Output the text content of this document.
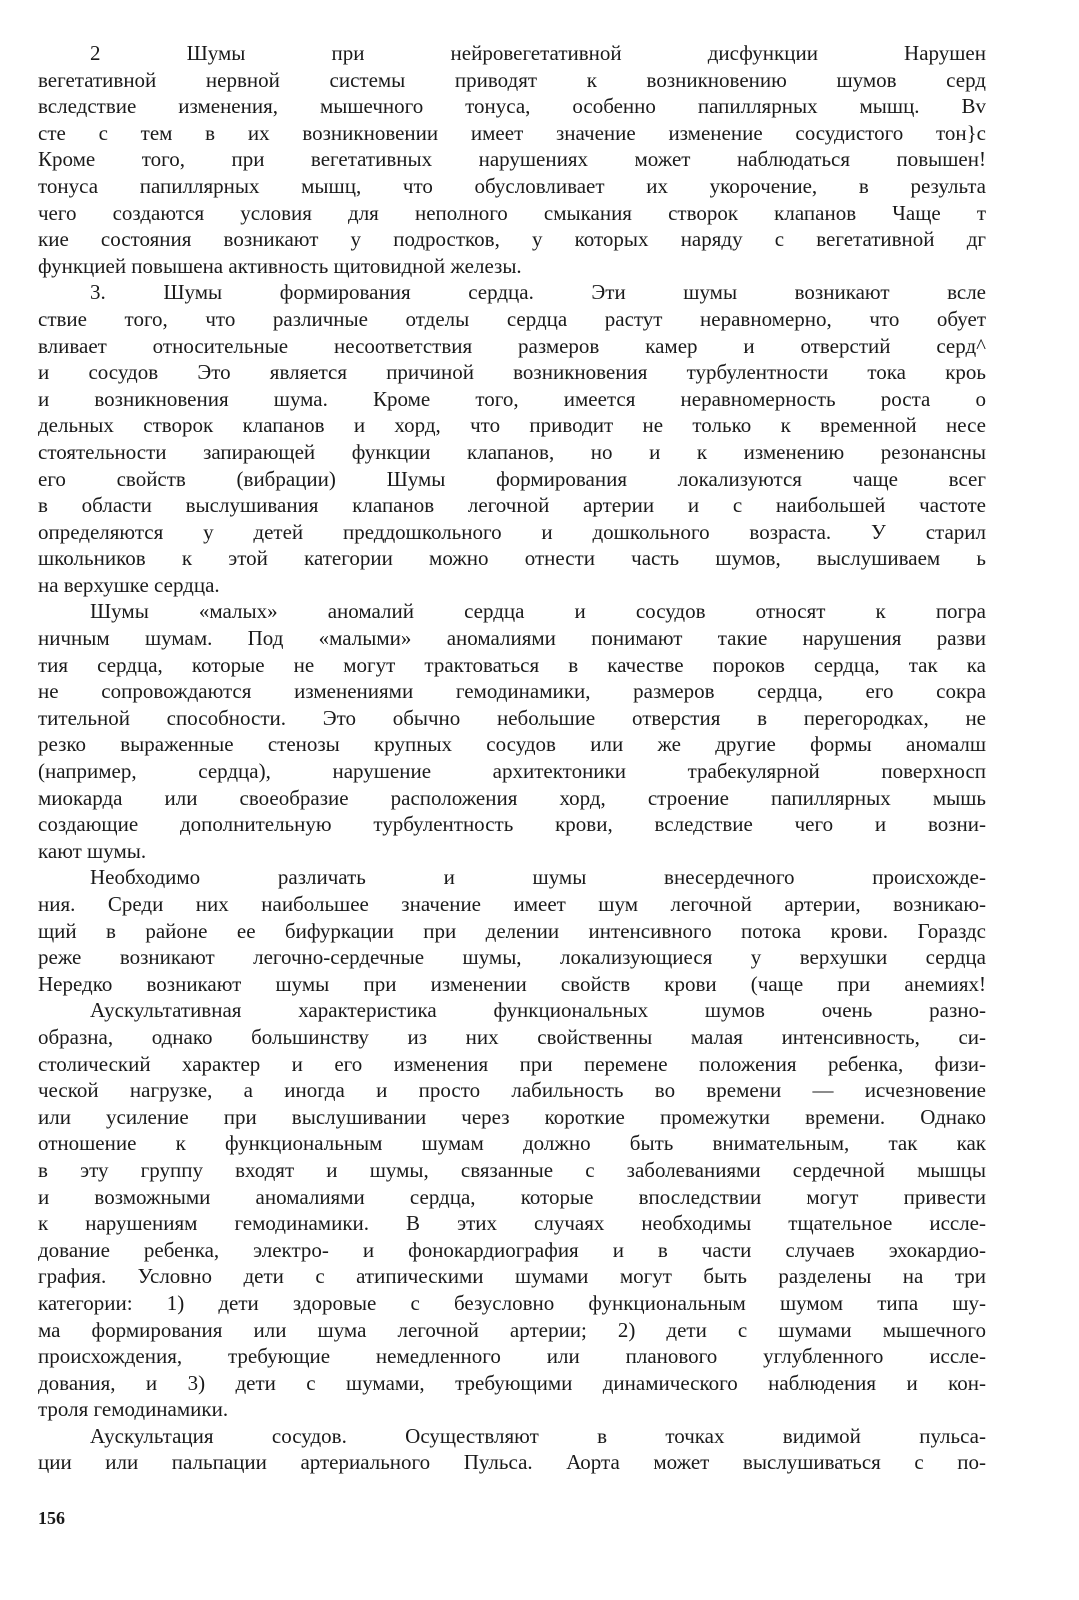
2 Шумы при нейровегетативной дисфункции Нарушен
вегетативной нервной системы приводят к возникновению шумов серд
вследствие изменения, мышечного тонуса, особенно папиллярных мышц. Bv
сте с тем в их возникновении имеет значение изменение сосудистого тон}с
Кроме того, при вегетативных нарушениях может наблюдаться повышен!
тонуса папиллярных мышц, что обусловливает их укорочение, в результа
чего создаются условия для неполного смыкания створок клапанов Чаще т
кие состояния возникают у подростков, у которых наряду с вегетативной дг
функцией повышена активность щитовидной железы.
3. Шумы формирования сердца. Эти шумы возникают всле
ствие того, что различные отделы сердца растут неравномерно, что обует
вливает относительные несоответствия размеров камер и отверстий серд^
и сосудов Это является причиной возникновения турбулентности тока кроь
и возникновения шума. Кроме того, имеется неравномерность роста о
дельных створок клапанов и хорд, что приводит не только к временной несе
стоятельности запирающей функции клапанов, но и к изменению резонансны
его свойств (вибрации) Шумы формирования локализуются чаще всег
в области выслушивания клапанов легочной артерии и с наибольшей частоте
определяются у детей преддошкольного и дошкольного возраста. У старил
школьников к этой категории можно отнести часть шумов, выслушиваем ь
на верхушке сердца.
Шумы «малых» аномалий сердца и сосудов относят к погра
ничным шумам. Под «малыми» аномалиями понимают такие нарушения разви
тия сердца, которые не могут трактоваться в качестве пороков сердца, так ка
не сопровождаются изменениями гемодинамики, размеров сердца, его сокра
тительной способности. Это обычно небольшие отверстия в перегородках, не
резко выраженные стенозы крупных сосудов или же другие формы аномалш
(например, сердца), нарушение архитектоники трабекулярной поверхносп
миокарда или своеобразие расположения хорд, строение папиллярных мышь
создающие дополнительную турбулентность крови, вследствие чего и возни-
кают шумы.
Необходимо различать и шумы внесердечного происхожде-
ния. Среди них наибольшее значение имеет шум легочной артерии, возникаю-
щий в районе ее бифуркации при делении интенсивного потока крови. Гораздс
реже возникают легочно-сердечные шумы, локализующиеся у верхушки сердца
Нередко возникают шумы при изменении свойств крови (чаще при анемиях!
Аускультативная характеристика функциональных шумов очень разно-
образна, однако большинству из них свойственны малая интенсивность, си-
столический характер и его изменения при перемене положения ребенка, физи-
ческой нагрузке, а иногда и просто лабильность во времени — исчезновение
или усиление при выслушивании через короткие промежутки времени. Однако
отношение к функциональным шумам должно быть внимательным, так как
в эту группу входят и шумы, связанные с заболеваниями сердечной мышцы
и возможными аномалиями сердца, которые впоследствии могут привести
к нарушениям гемодинамики. В этих случаях необходимы тщательное иссле-
дование ребенка, электро- и фонокардиография и в части случаев эхокардио-
графия. Условно дети с атипическими шумами могут быть разделены на три
категории: 1) дети здоровые с безусловно функциональным шумом типа шу-
ма формирования или шума легочной артерии; 2) дети с шумами мышечного
происхождения, требующие немедленного или планового углубленного иссле-
дования, и 3) дети с шумами, требующими динамического наблюдения и кон-
троля гемодинамики.
Аускультация сосудов. Осуществляют в точках видимой пульса-
ции или пальпации артериального Пульса. Аорта может выслушиваться с по-
156
